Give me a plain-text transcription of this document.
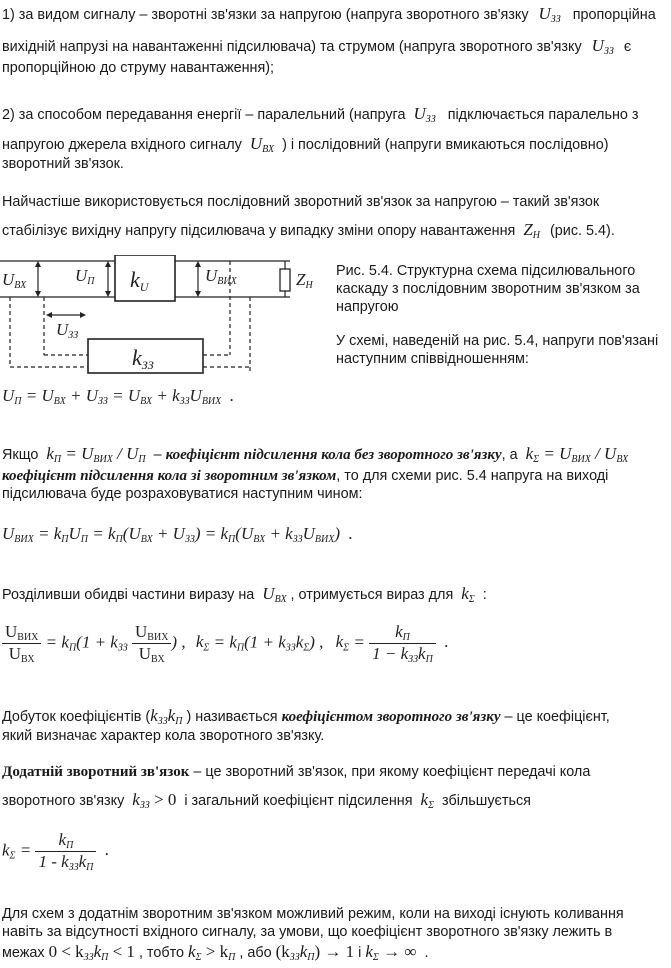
1) за видом сигналу – зворотні зв'язки за напругою (напруга зворотного зв'язку $U_{ЗЗ}$ пропорційна
вихідній напрузі на навантаженні підсилювача) та струмом (напруга зворотного зв'язку $U_{ЗЗ}$ є
пропорційною до струму навантаження);
2) за способом передавання енергії – паралельний (напруга $U_{ЗЗ}$ підключається паралельно з
напругою джерела вхідного сигналу $U_{ВХ}$ ) і послідовний (напруги вмикаються послідовно)
зворотний зв'язок.
Найчастіше використовується послідовний зворотний зв'язок за напругою – такий зв'язок
стабілізує вихідну напругу підсилювача у випадку зміни опору навантаження $Z_Н$ (рис. 5.4).
UВХ
UП kU
UВИХ	ZН
UЗЗ
kЗЗ
Рис. 5.4. Структурна схема підсилювального каскаду з послідовним зворотним зв'язком за напругою
У схемі, наведеній на рис. 5.4, напруги пов'язані наступним співвідношенням:
$U_П = U_{ВХ} + U_{ЗЗ} = U_{ВХ} + k_{ЗЗ}U_{ВИХ}$ .
Якщо $k_П = U_{ВИХ} / U_П$ – коефіцієнт підсилення кола без зворотного зв'язку, а $k_\Sigma = U_{ВИХ} / U_{ВХ}$
коефіцієнт підсилення кола зі зворотним зв'язком, то для схеми рис. 5.4 напруга на виході
підсилювача буде розраховуватися наступним чином:
$U_{ВИХ} = k_ПU_П = k_П(U_{ВХ} + U_{ЗЗ}) = k_П(U_{ВХ} + k_{ЗЗ}U_{ВИХ})$ .
Розділивши обидві частини виразу на $U_{ВХ}$ , отримується вираз для $k_\Sigma$ :
$\frac{U_{ВИХ}}{U_{ВХ}} = k_П(1 + k_{ЗЗ} \frac{U_{ВИХ}}{U_{ВХ}}$ ) , $k_\Sigma = k_П(1 + k_{ЗЗ}k_\Sigma)$ , $k_\Sigma = \frac{k_П}{1 - k_{ЗЗ}k_П}$ .
Добуток коефіцієнтів ($k_{ЗЗ}k_П$ ) називається коефіцієнтом зворотного зв'язку – це коефіцієнт,
який визначає характер кола зворотного зв'язку.
Додатній зворотний зв'язок – це зворотний зв'язок, при якому коефіцієнт передачі кола
зворотного зв'язку $k_{ЗЗ} > 0$ і загальний коефіцієнт підсилення $k_\Sigma$ збільшується
$k_\Sigma = \frac{k_П}{1 - k_{ЗЗ}k_П}$ .
Для схем з додатнім зворотним зв'язком можливий режим, коли на виході існують коливання
навіть за відсутності вхідного сигналу, за умови, що коефіцієнт зворотного зв'язку лежить в
межах $0 < k_{ЗЗ}k_П < 1$ , тобто $k_\Sigma > k_П$ , або $(k_{ЗЗ}k_П) \to 1$ і $k_\Sigma$ → ∞ .
